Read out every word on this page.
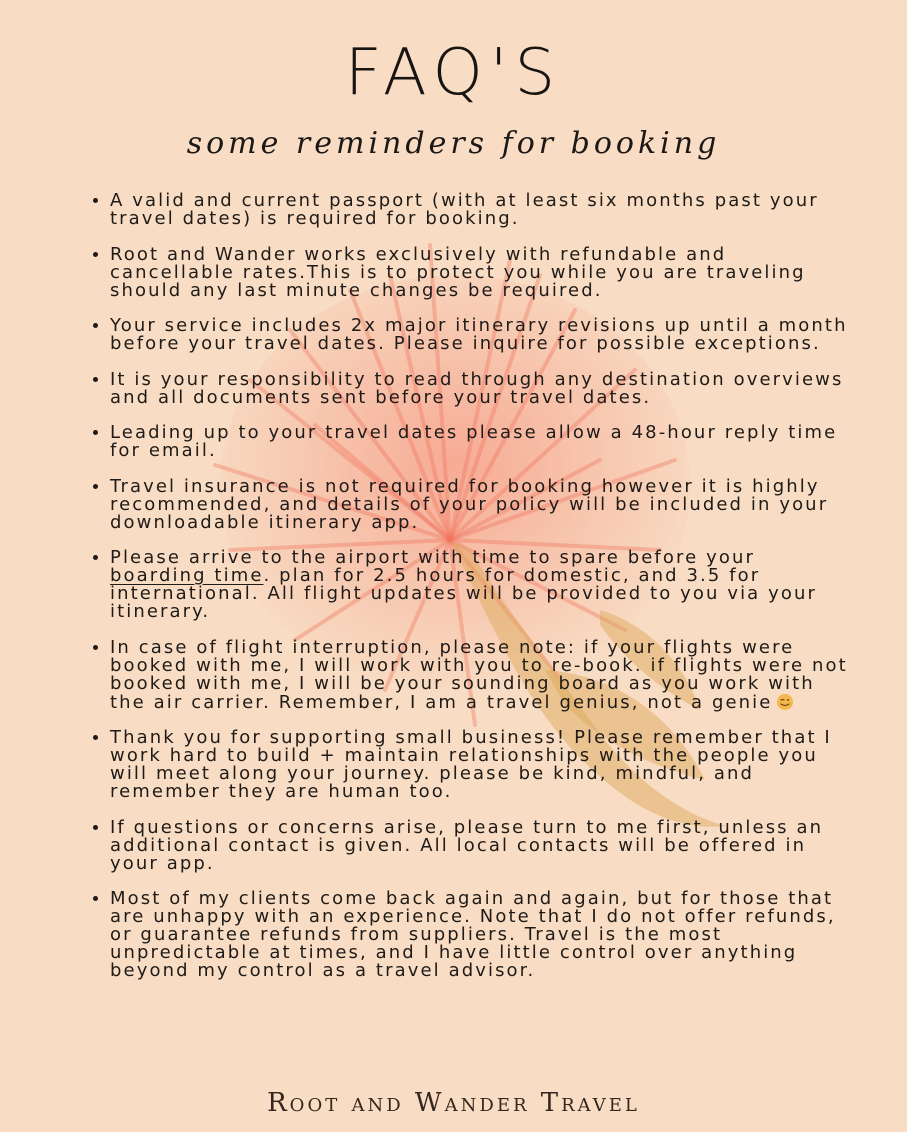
FAQ'S
some reminders for booking
• A valid and current passport (with at least six months past your travel dates) is required for booking.
• Root and Wander works exclusively with refundable and cancellable rates.This is to protect you while you are traveling should any last minute changes be required.
• Your service includes 2x major itinerary revisions up until a month before your travel dates. Please inquire for possible exceptions.
• It is your responsibility to read through any destination overviews and all documents sent before your travel dates.
• Leading up to your travel dates please allow a 48-hour reply time for email.
• Travel insurance is not required for booking however it is highly recommended, and details of your policy will be included in your downloadable itinerary app.
• Please arrive to the airport with time to spare before your boarding time. plan for 2.5 hours for domestic, and 3.5 for international. All flight updates will be provided to you via your itinerary.
• In case of flight interruption, please note: if your flights were booked with me, I will work with you to re-book. if flights were not booked with me, I will be your sounding board as you work with the air carrier. Remember, I am a travel genius, not a genie
• Thank you for supporting small business! Please remember that I work hard to build + maintain relationships with the people you will meet along your journey. please be kind, mindful, and remember they are human too.
• If questions or concerns arise, please turn to me first, unless an additional contact is given. All local contacts will be offered in your app.
• Most of my clients come back again and again, but for those that are unhappy with an experience. Note that I do not offer refunds, or guarantee refunds from suppliers. Travel is the most unpredictable at times, and I have little control over anything beyond my control as a travel advisor.
Root and Wander Travel
